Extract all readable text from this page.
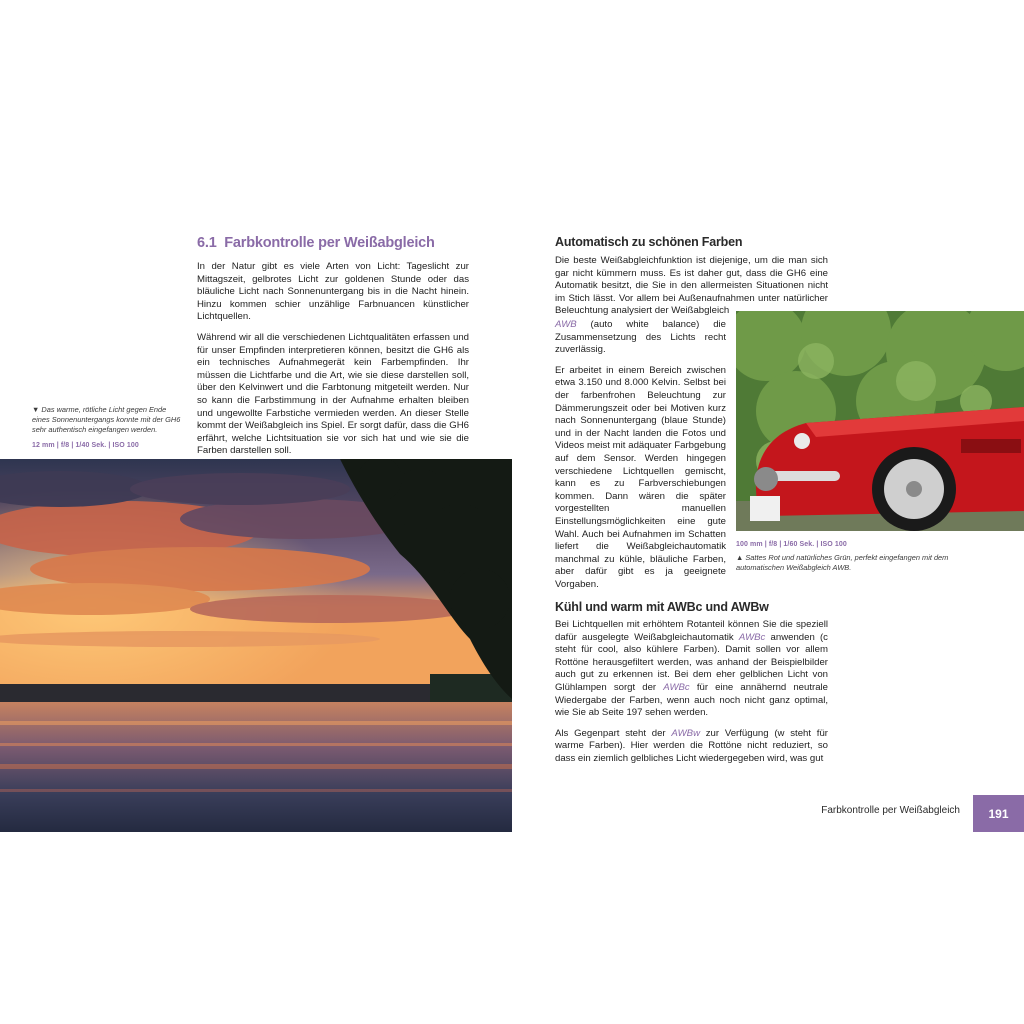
6.1 Farbkontrolle per Weißabgleich

In der Natur gibt es viele Arten von Licht: Tageslicht zur Mittagszeit, gelbrotes Licht zur goldenen Stunde oder das bläuliche Licht nach Sonnenuntergang bis in die Nacht hinein. Hinzu kommen schier unzählige Farbnuancen künstlicher Lichtquellen.

Während wir all die verschiedenen Lichtqualitäten erfassen und für unser Empfinden interpretieren können, besitzt die GH6 als ein technisches Aufnahmegerät kein Farbempfinden. Ihr müssen die Lichtfarbe und die Art, wie sie diese darstellen soll, über den Kelvinwert und die Farbtonung mitgeteilt werden. Nur so kann die Farbstimmung in der Aufnahme erhalten bleiben und ungewollte Farbstiche vermieden werden. An dieser Stelle kommt der Weißabgleich ins Spiel. Er sorgt dafür, dass die GH6 erfährt, welche Lichtsituation sie vor sich hat und wie sie die Farben darstellen soll.

▼ Das warme, rötliche Licht gegen Ende eines Sonnenuntergangs konnte mit der GH6 sehr authentisch eingefangen werden.
12 mm | f/8 | 1/40 Sek. | ISO 100
Automatisch zu schönen Farben
Die beste Weißabgleichfunktion ist diejenige, um die man sich gar nicht kümmern muss. Es ist daher gut, dass die GH6 eine Automatik besitzt, die Sie in den allermeisten Situationen nicht im Stich lässt. Vor allem bei Außenaufnahmen unter natürlicher Beleuchtung analysiert der Weißabgleich
AWB (auto white balance) die Zusammensetzung des Lichts recht zuverlässig.

Er arbeitet in einem Bereich zwischen etwa 3.150 und 8.000 Kelvin. Selbst bei der farbenfrohen Beleuchtung zur Dämmerungszeit oder bei Motiven kurz nach Sonnenuntergang (blaue Stunde) und in der Nacht landen die Fotos und Videos meist mit adäquater Farbgebung auf dem Sensor. Werden hingegen verschiedene Lichtquellen gemischt, kann es zu Farbverschiebungen kommen. Dann wären die später vorgestellten manuellen Einstellungsmöglichkeiten eine gute Wahl. Auch bei Aufnahmen im Schatten liefert die Weißabgleichautomatik manchmal zu kühle, bläuliche Farben, aber dafür gibt es ja geeignete Vorgaben.

100 mm | f/8 | 1/60 Sek. | ISO 100
▲ Sattes Rot und natürliches Grün, perfekt eingefangen mit dem automatischen Weißabgleich AWB.
Kühl und warm mit AWBc und AWBw

Bei Lichtquellen mit erhöhtem Rotanteil können Sie die speziell dafür ausgelegte Weißabgleichautomatik AWBc anwenden (c steht für cool, also kühlere Farben). Damit sollen vor allem Rottöne herausgefiltert werden, was anhand der Beispielbilder auch gut zu erkennen ist. Bei dem eher gelblichen Licht von Glühlampen sorgt der AWBc für eine annähernd neutrale Wiedergabe der Farben, wenn auch noch nicht ganz optimal, wie Sie ab Seite 197 sehen werden.

Als Gegenpart steht der AWBw zur Verfügung (w steht für warme Farben). Hier werden die Rottöne nicht reduziert, so dass ein ziemlich gelbliches Licht wiedergegeben wird, was gut

Farbkontrolle per Weißabgleich	191
